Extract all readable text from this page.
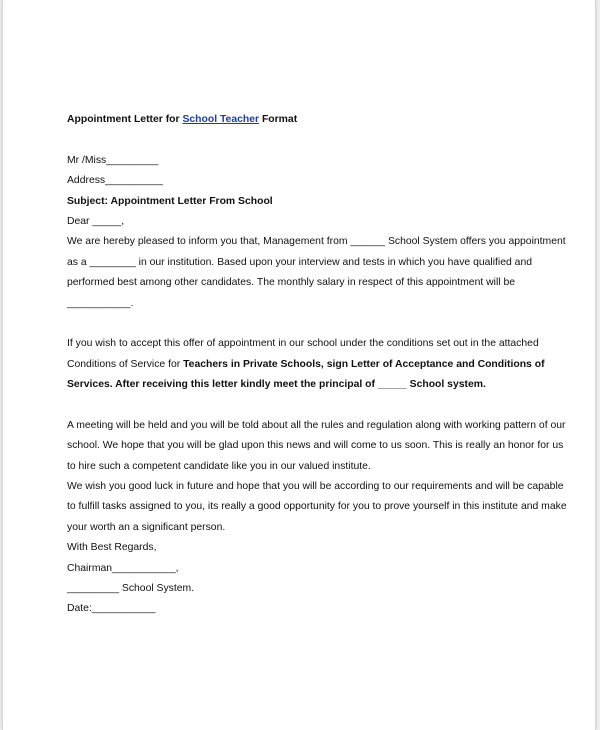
Appointment Letter for School Teacher Format
Mr /Miss_________
Address__________
Subject: Appointment Letter From School
Dear _____,
We are hereby pleased to inform you that, Management from ______ School System offers you appointment
as a ________ in our institution. Based upon your interview and tests in which you have qualified and
performed best among other candidates. The monthly salary in respect of this appointment will be
___________.
If you wish to accept this offer of appointment in our school under the conditions set out in the attached
Conditions of Service for Teachers in Private Schools, sign Letter of Acceptance and Conditions of
Services. After receiving this letter kindly meet the principal of _____ School system.
A meeting will be held and you will be told about all the rules and regulation along with working pattern of our
school. We hope that you will be glad upon this news and will come to us soon. This is really an honor for us
to hire such a competent candidate like you in our valued institute.
We wish you good luck in future and hope that you will be according to our requirements and will be capable
to fulfill tasks assigned to you, its really a good opportunity for you to prove yourself in this institute and make
your worth an a significant person.
With Best Regards,
Chairman___________,
_________ School System.
Date:___________
